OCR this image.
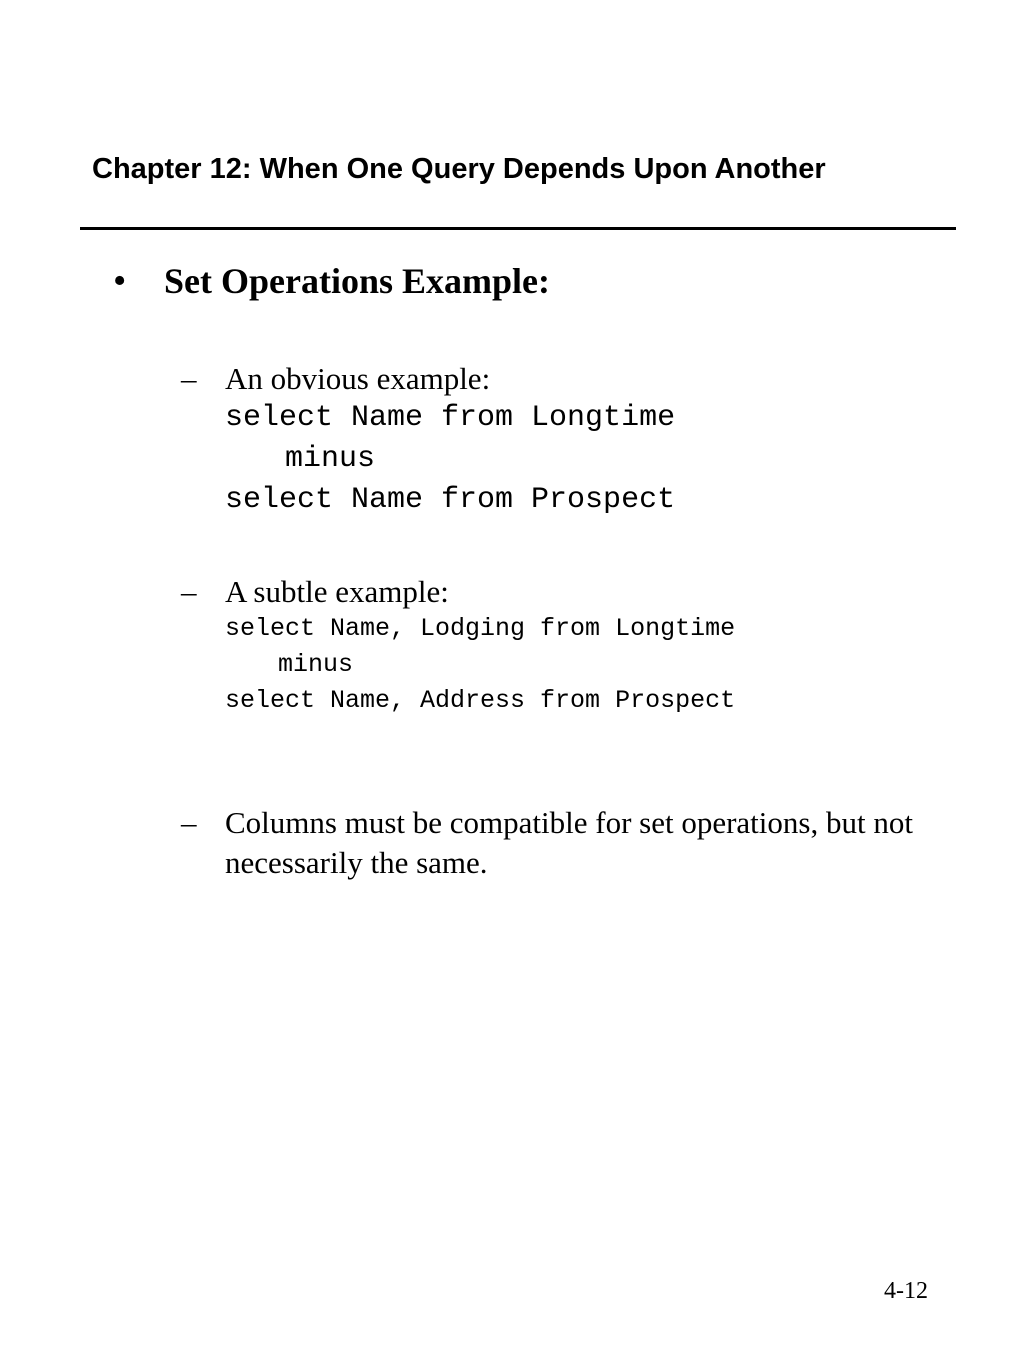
Chapter 12: When One Query Depends Upon Another
• Set Operations Example:
– An obvious example:
select Name from Longtime
minus
select Name from Prospect
– A subtle example:
select Name, Lodging from Longtime
minus
select Name, Address from Prospect
– Columns must be compatible for set operations, but not necessarily the same.
4-12
